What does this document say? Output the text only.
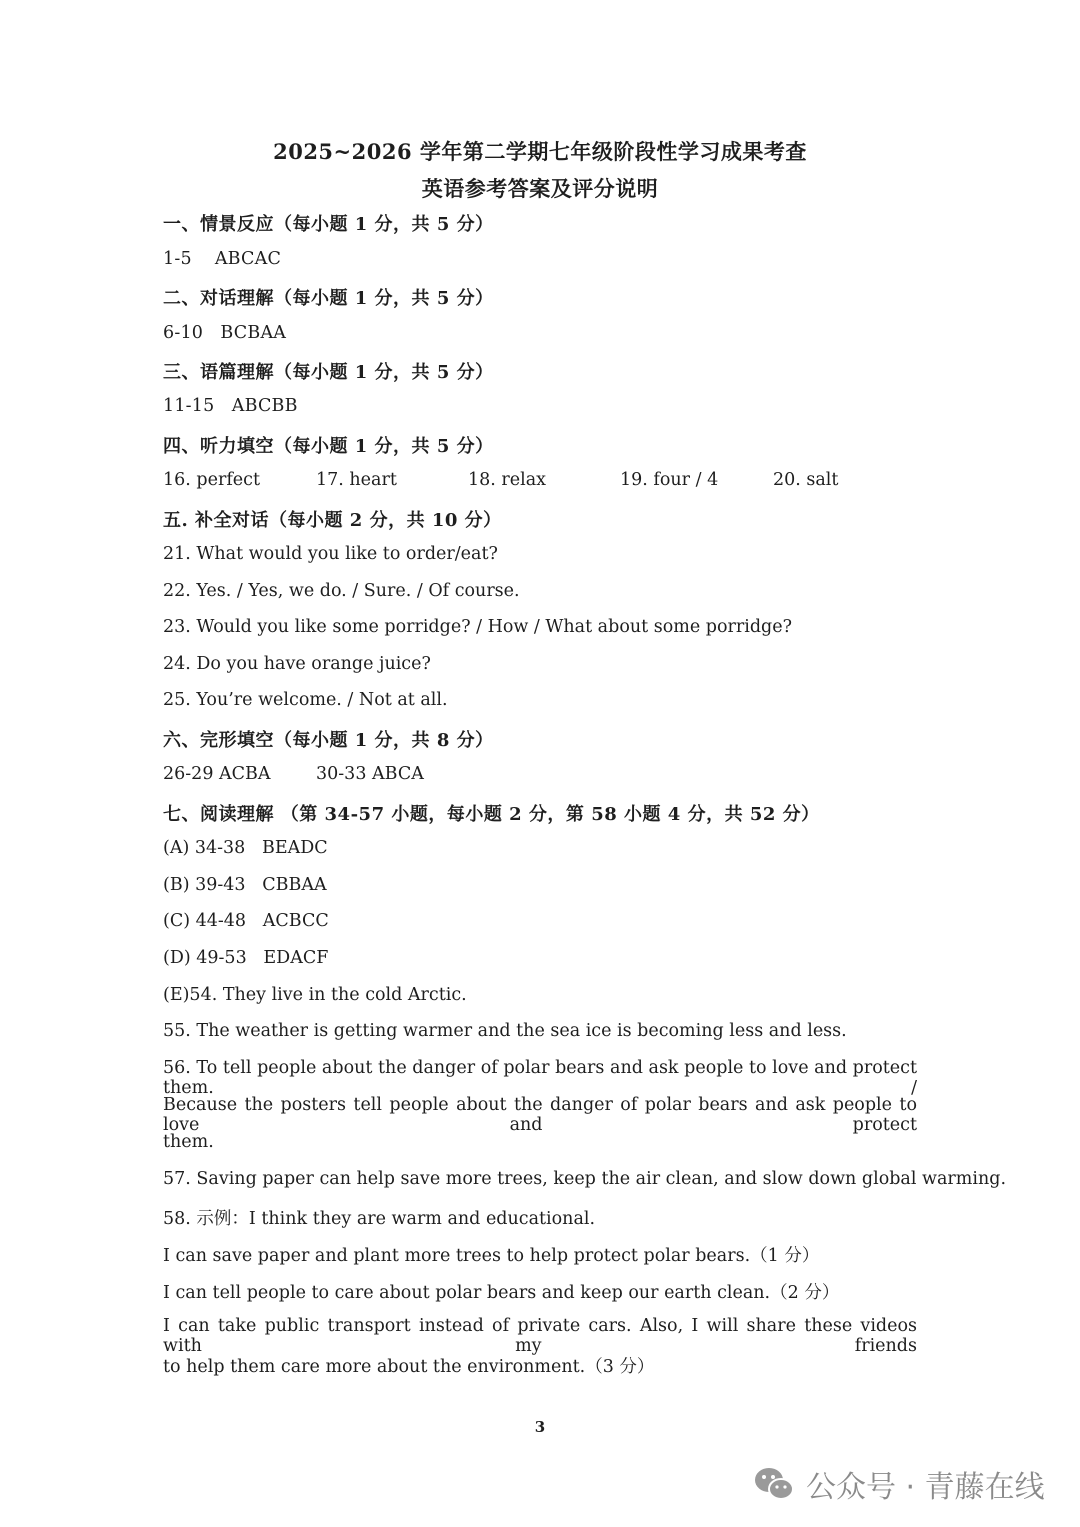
2025~2026 学年第二学期七年级阶段性学习成果考查
英语参考答案及评分说明
一、情景反应（每小题 1 分，共 5 分）
1-5    ABCAC
二、对话理解（每小题 1 分，共 5 分）
6-10   BCBAA
三、语篇理解（每小题 1 分，共 5 分）
11-15   ABCBB
四、听力填空（每小题 1 分，共 5 分）
16. perfect	17. heart	18. relax	19. four / 4	20. salt
五. 补全对话（每小题 2 分，共 10 分）
21. What would you like to order/eat?
22. Yes. / Yes, we do. / Sure. / Of course.
23. Would you like some porridge? / How / What about some porridge?
24. Do you have orange juice?
25. You’re welcome. / Not at all.
六、完形填空（每小题 1 分，共 8 分）
26-29 ACBA	30-33 ABCA
七、阅读理解 （第 34-57 小题，每小题 2 分，第 58 小题 4 分，共 52 分）
(A) 34-38   BEADC
(B) 39-43   CBBAA
(C) 44-48   ACBCC
(D) 49-53   EDACF
(E)54. They live in the cold Arctic.
55. The weather is getting warmer and the sea ice is becoming less and less.
56. To tell people about the danger of polar bears and ask people to love and protect them. /
Because the posters tell people about the danger of polar bears and ask people to love and protect
them.
57. Saving paper can help save more trees, keep the air clean, and slow down global warming.
58. 示例：I think they are warm and educational.
I can save paper and plant more trees to help protect polar bears.（1 分）
I can tell people to care about polar bears and keep our earth clean.（2 分）
I can take public transport instead of private cars. Also, I will share these videos with my friends
to help them care more about the environment.（3 分）
3
公众号 · 青藤在线
